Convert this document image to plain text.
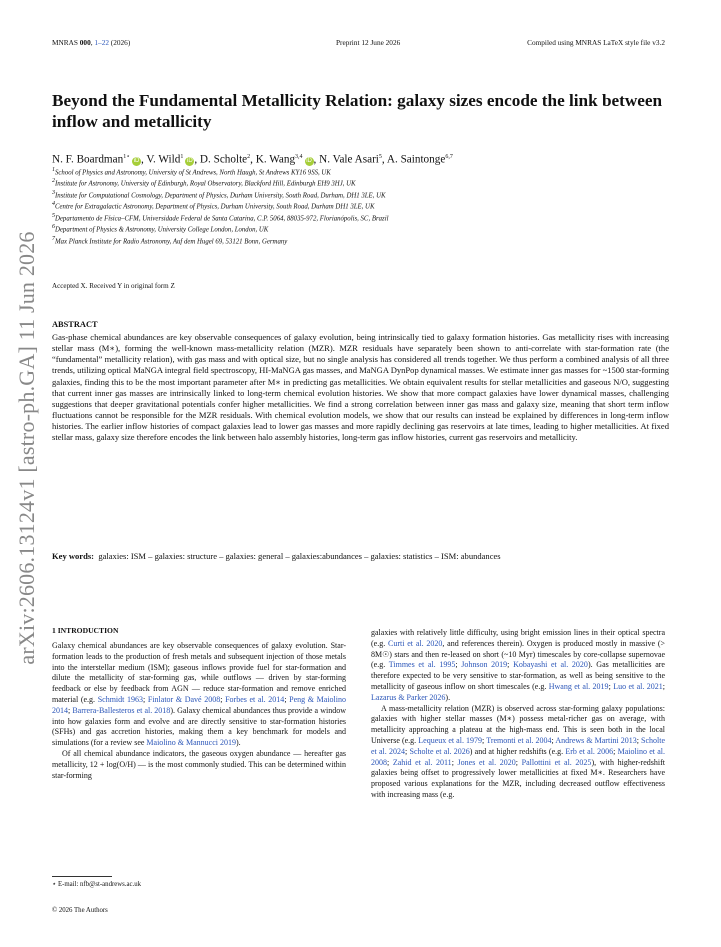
MNRAS 000, 1–22 (2026)	Preprint 12 June 2026	Compiled using MNRAS LaTeX style file v3.2
Beyond the Fundamental Metallicity Relation: galaxy sizes encode the link between inflow and metallicity
N. F. Boardman$^{1⋆}$iD , V. Wild$^1$iD , D. Scholte$^2$, K. Wang$^{3,4}$iD , N. Vale Asari$^5$, A. Saintonge$^{6,7}$
$^1$School of Physics and Astronomy, University of St Andrews, North Haugh, St Andrews KY16 9SS, UK
$^2$Institute for Astronomy, University of Edinburgh, Royal Observatory, Blackford Hill, Edinburgh EH9 3HJ, UK
$^3$Institute for Computational Cosmology, Department of Physics, Durham University, South Road, Durham, DH1 3LE, UK
$^4$Centre for Extragalactic Astronomy, Department of Physics, Durham University, South Road, Durham DH1 3LE, UK
$^5$Departamento de Física–CFM, Universidade Federal de Santa Catarina, C.P. 5064, 88035-972, Florianópolis, SC, Brazil
$^6$Department of Physics & Astronomy, University College London, London, UK
$^7$Max Planck Institute for Radio Astronomy, Auf dem Hugel 69, 53121 Bonn, Germany
arXiv:2606.13124v1 [astro-ph.GA] 11 Jun 2026 Accepted X. Received Y in original form Z
ABSTRACT
Gas-phase chemical abundances are key observable consequences of galaxy evolution, being intrinsically tied to galaxy formation histories. Gas metallicity rises with increasing stellar mass (M∗), forming the well-known mass-metallicity relation (MZR). MZR residuals have separately been shown to anti-correlate with star-formation rate (the “fundamental” metallicity relation), with gas mass and with optical size, but no single analysis has considered all trends together. We thus perform a combined analysis of all three trends, utilizing optical MaNGA integral field spectroscopy, HI-MaNGA gas masses, and MaNGA DynPop dynamical masses. We estimate inner gas masses for ~1500 star-forming galaxies, finding this to be the most important parameter after M∗ in predicting gas metallicities. We obtain equivalent results for stellar metallicities and gaseous N/O, suggesting that current inner gas masses are intrinsically linked to long-term chemical evolution histories. We show that more compact galaxies have lower dynamical masses, challenging suggestions that deeper gravitational potentials confer higher metallicities. We find a strong correlation between inner gas mass and galaxy size, meaning that short term inflow fluctuations cannot be responsible for the MZR residuals. With chemical evolution models, we show that our results can instead be explained by differences in long-term inflow histories. The earlier inflow histories of compact galaxies lead to lower gas masses and more rapidly declining gas reservoirs at late times, leading to higher metallicities. At fixed stellar mass, galaxy size therefore encodes the link between halo assembly histories, long-term gas inflow histories, current gas reservoirs and metallicity.
Key words: galaxies: ISM – galaxies: structure – galaxies: general – galaxies:abundances – galaxies: statistics – ISM: abundances
1 INTRODUCTION

Galaxy chemical abundances are key observable consequences of galaxy evolution. Star-formation leads to the production of fresh metals and subsequent injection of those metals into the interstellar medium (ISM); gaseous inflows provide fuel for star-formation and dilute the metallicity of star-forming gas, while outflows — driven by star-forming feedback or else by feedback from AGN — reduce star-formation and remove enriched material (e.g. Schmidt 1963; Finlator & Davé 2008; Forbes et al. 2014; Peng & Maiolino 2014; Barrera-Ballesteros et al. 2018). Galaxy chemical abundances thus provide a window into how galaxies form and evolve and are directly sensitive to star-formation histories (SFHs) and gas accretion histories, making them a key benchmark for models and simulations (for a review see Maiolino & Mannucci 2019).

Of all chemical abundance indicators, the gaseous oxygen abundance — hereafter gas metallicity, 12 + log(O/H) — is the most commonly studied. This can be determined within star-forming

galaxies with relatively little difficulty, using bright emission lines in their optical spectra (e.g. Curti et al. 2020, and references therein). Oxygen is produced mostly in massive (> 8M☉) stars and then re-leased on short (~10 Myr) timescales by core-collapse supernovae (e.g. Timmes et al. 1995; Johnson 2019; Kobayashi et al. 2020). Gas metallicities are therefore expected to be very sensitive to star-formation, as well as being sensitive to the metallicity of gaseous inflow on short timescales (e.g. Hwang et al. 2019; Luo et al. 2021; Lazarus & Parker 2026).

A mass-metallicity relation (MZR) is observed across star-forming galaxy populations: galaxies with higher stellar masses (M∗) possess metal-richer gas on average, with metallicity approaching a plateau at the high-mass end. This is seen both in the local Universe (e.g. Lequeux et al. 1979; Tremonti et al. 2004; Andrews & Martini 2013; Scholte et al. 2024; Scholte et al. 2026) and at higher redshifts (e.g. Erb et al. 2006; Maiolino et al. 2008; Zahid et al. 2011; Jones et al. 2020; Pallottini et al. 2025), with higher-redshift galaxies being offset to progressively lower metallicities at fixed M∗. Researchers have proposed various explanations for the MZR, including decreased outflow effectiveness with increasing mass (e.g.

⋆ E-mail: nfb@st-andrews.ac.uk
© 2026 The Authors
